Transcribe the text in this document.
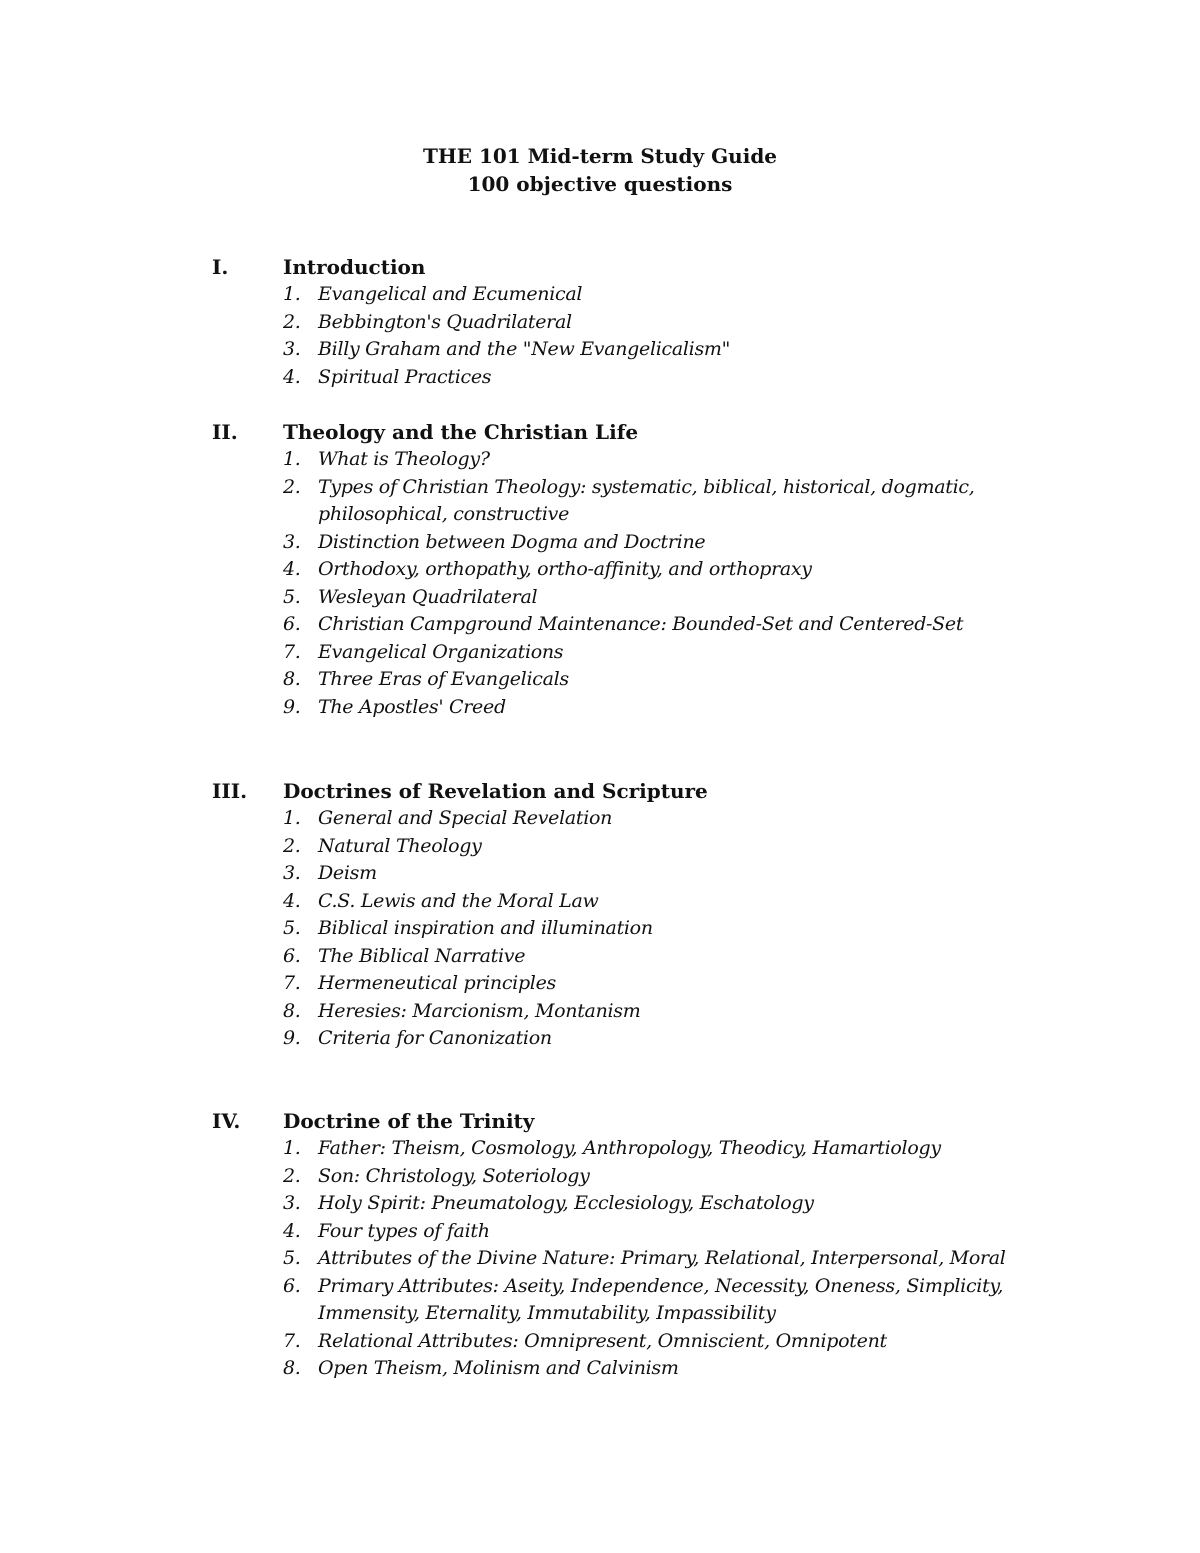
THE 101 Mid-term Study Guide
100 objective questions
I.	Introduction
1. Evangelical and Ecumenical
2. Bebbington's Quadrilateral
3. Billy Graham and the "New Evangelicalism"
4. Spiritual Practices
II. Theology and the Christian Life
1. What is Theology?
2. Types of Christian Theology: systematic, biblical, historical, dogmatic, philosophical, constructive
3. Distinction between Dogma and Doctrine
4. Orthodoxy, orthopathy, ortho-affinity, and orthopraxy
5. Wesleyan Quadrilateral
6. Christian Campground Maintenance: Bounded-Set and Centered-Set
7. Evangelical Organizations
8. Three Eras of Evangelicals
9. The Apostles' Creed
III. Doctrines of Revelation and Scripture
1. General and Special Revelation
2. Natural Theology
3. Deism
4. C.S. Lewis and the Moral Law
5. Biblical inspiration and illumination
6. The Biblical Narrative
7. Hermeneutical principles
8. Heresies: Marcionism, Montanism
9. Criteria for Canonization
IV. Doctrine of the Trinity
1. Father: Theism, Cosmology, Anthropology, Theodicy, Hamartiology
2. Son: Christology, Soteriology
3. Holy Spirit: Pneumatology, Ecclesiology, Eschatology
4. Four types of faith
5. Attributes of the Divine Nature: Primary, Relational, Interpersonal, Moral
6. Primary Attributes: Aseity, Independence, Necessity, Oneness, Simplicity, Immensity, Eternality, Immutability, Impassibility
7. Relational Attributes: Omnipresent, Omniscient, Omnipotent
8. Open Theism, Molinism and Calvinism
